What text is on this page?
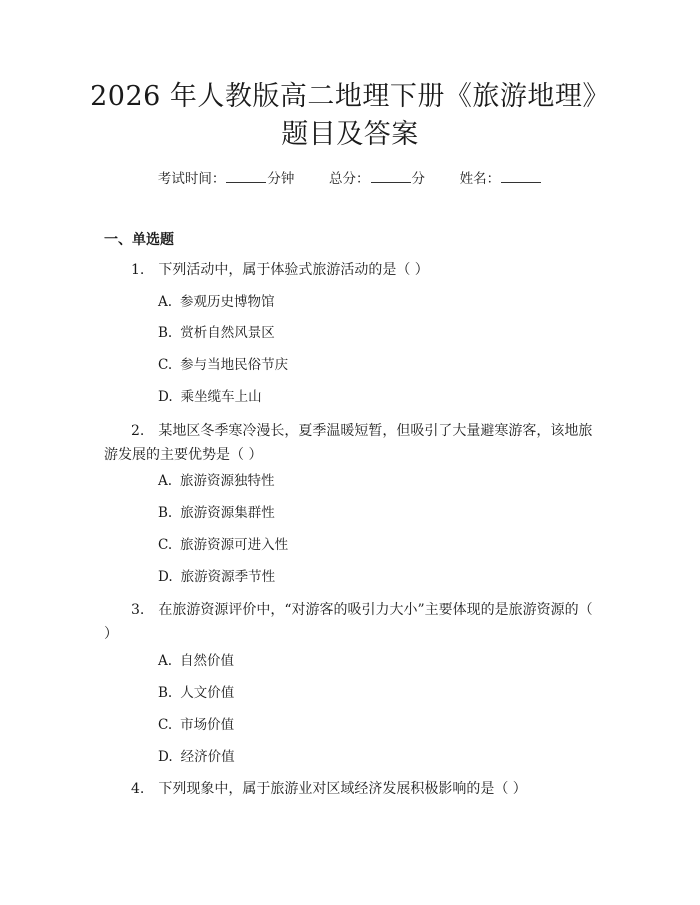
2026 年人教版高二地理下册《旅游地理》题目及答案
考试时间：	分钟	总分：	分	姓名：
一、单选题
1. 下列活动中，属于体验式旅游活动的是（ ）
A. 参观历史博物馆
B. 赏析自然风景区
C. 参与当地民俗节庆
D. 乘坐缆车上山
2. 某地区冬季寒冷漫长，夏季温暖短暂，但吸引了大量避寒游客，该地旅游发展的主要优势是（ ）
A. 旅游资源独特性
B. 旅游资源集群性
C. 旅游资源可进入性
D. 旅游资源季节性
3. 在旅游资源评价中，“对游客的吸引力大小”主要体现的是旅游资源的（ ）
A. 自然价值
B. 人文价值
C. 市场价值
D. 经济价值
4. 下列现象中，属于旅游业对区域经济发展积极影响的是（ ）
